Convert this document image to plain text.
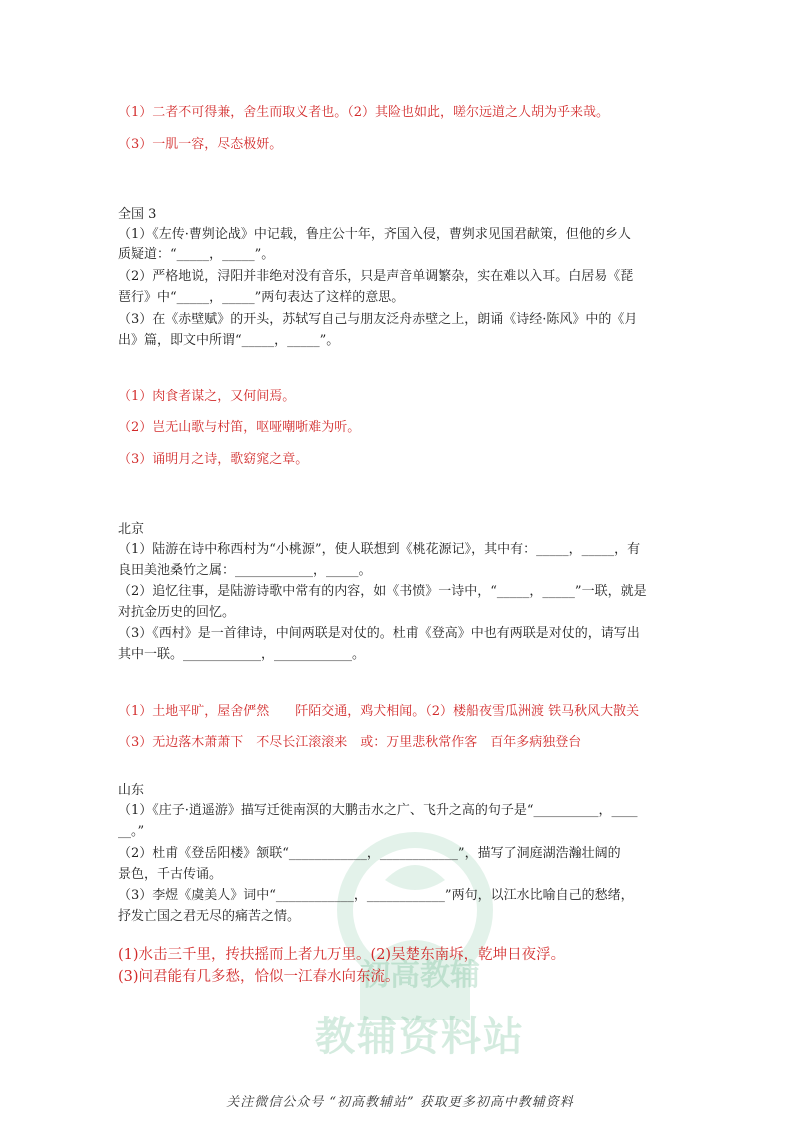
初高教辅
教辅资料站
（1）二者不可得兼，舍生而取义者也。（2）其险也如此，嗟尔远道之人胡为乎来哉。
（3）一肌一容，尽态极妍。
全国 3
（1）《左传·曹刿论战》中记载，鲁庄公十年，齐国入侵，曹刿求见国君献策，但他的乡人
质疑道：“_____，_____”。
（2）严格地说，浔阳并非绝对没有音乐，只是声音单调繁杂，实在难以入耳。白居易《琵
琶行》中“_____，_____”两句表达了这样的意思。
（3）在《赤壁赋》的开头，苏轼写自己与朋友泛舟赤壁之上，朗诵《诗经·陈风》中的《月
出》篇，即文中所谓“_____，_____”。
（1）肉食者谋之，又何间焉。
（2）岂无山歌与村笛，呕哑嘲哳难为听。
（3）诵明月之诗，歌窈窕之章。
北京
（1）陆游在诗中称西村为“小桃源”，使人联想到《桃花源记》，其中有：_____，_____，有
良田美池桑竹之属：____________，_____。
（2）追忆往事，是陆游诗歌中常有的内容，如《书愤》一诗中，“_____，_____”一联，就是
对抗金历史的回忆。
（3）《西村》是一首律诗，中间两联是对仗的。杜甫《登高》中也有两联是对仗的，请写出
其中一联。____________，____________。
（1）土地平旷，屋舍俨然　　阡陌交通，鸡犬相闻。（2）楼船夜雪瓜洲渡 铁马秋风大散关
（3）无边落木萧萧下　不尽长江滚滚来　或：万里悲秋常作客　百年多病独登台
山东
（1）《庄子·逍遥游》描写迁徙南溟的大鹏击水之广、飞升之高的句子是“__________，____
__。”
（2）杜甫《登岳阳楼》颔联“____________，____________”，描写了洞庭湖浩瀚壮阔的
景色，千古传诵。
（3）李煜《虞美人》词中“____________，____________”两句，以江水比喻自己的愁绪，
抒发亡国之君无尽的痛苦之情。
(1)水击三千里，抟扶摇而上者九万里。(2)吴楚东南坼，乾坤日夜浮。
(3)问君能有几多愁，恰似一江春水向东流。
关注微信公众号 “初高教辅站” 获取更多初高中教辅资料
